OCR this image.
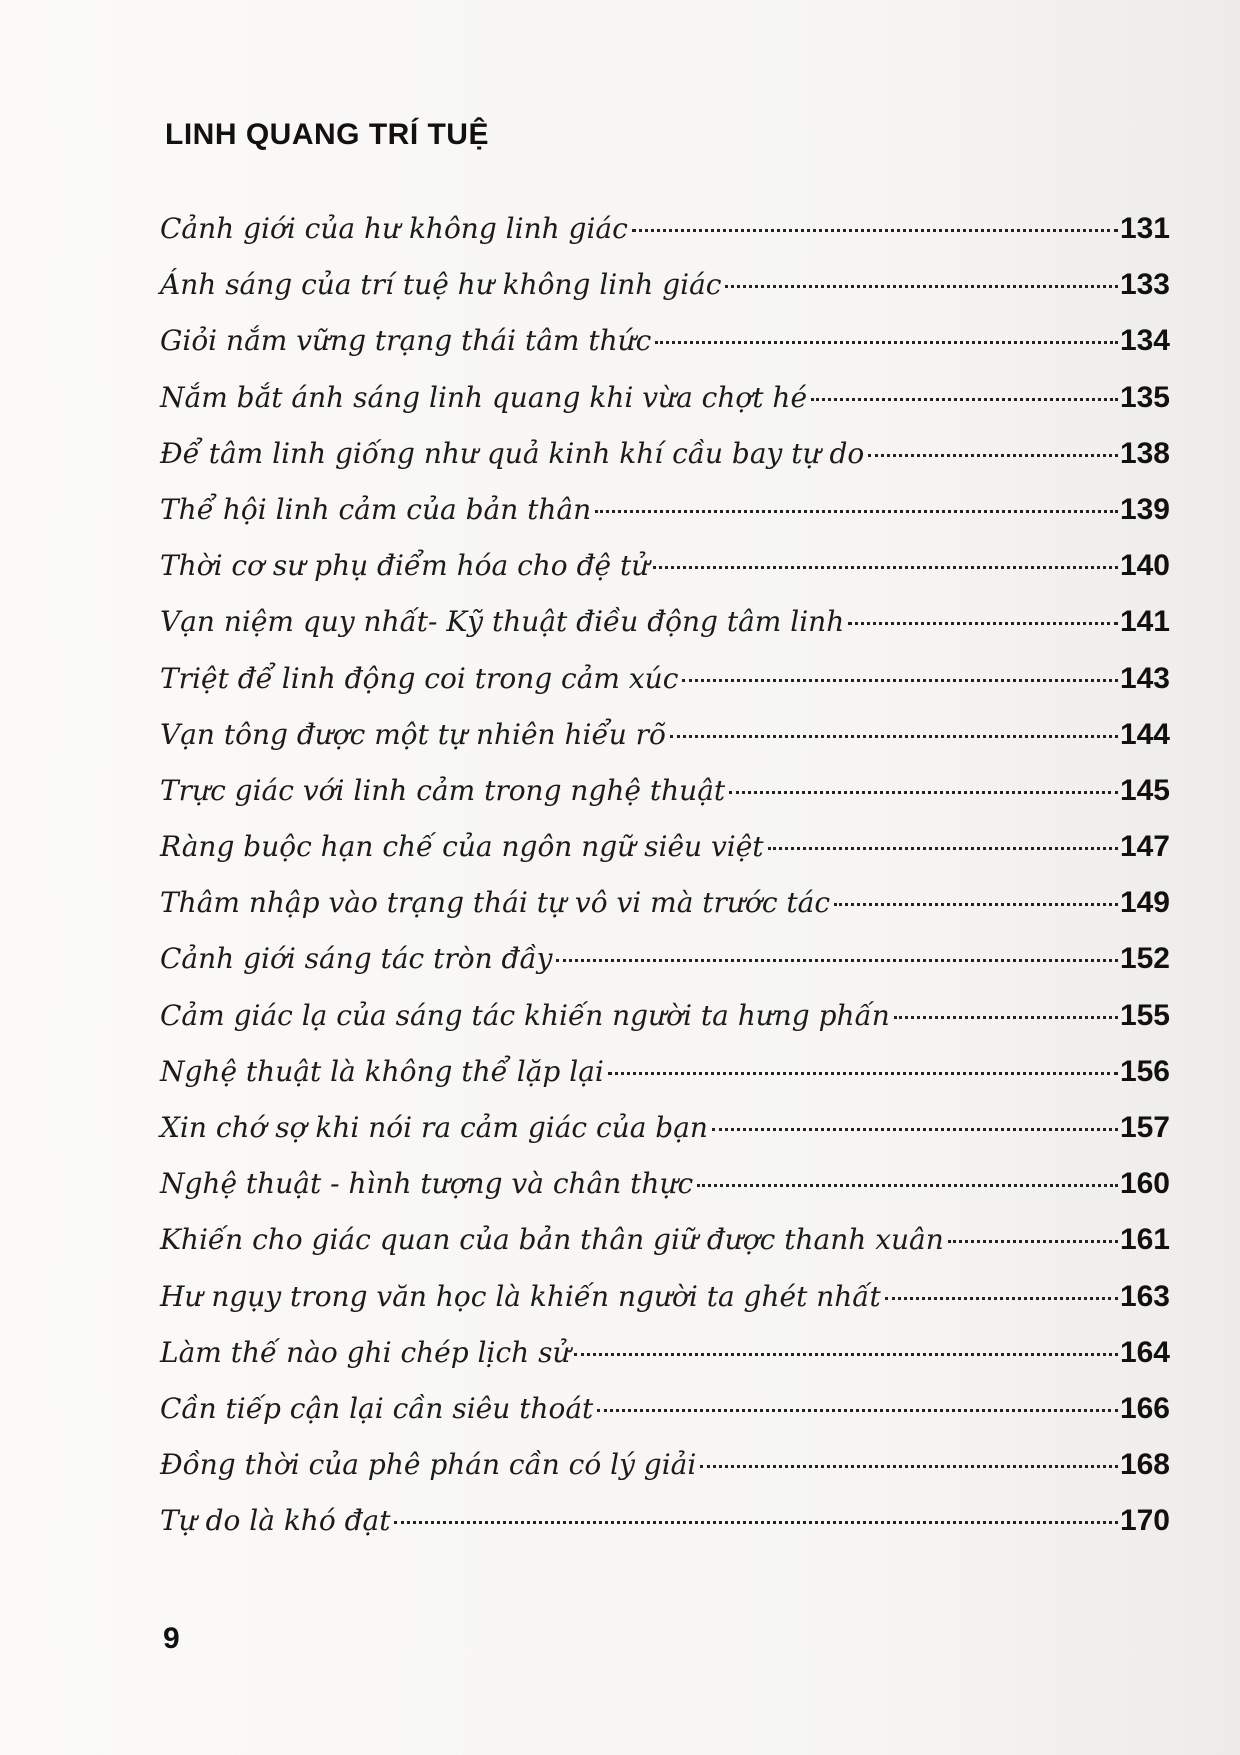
LINH QUANG TRÍ TUỆ
Cảnh giới của hư không linh giác	131
Ánh sáng của trí tuệ hư không linh giác	133
Giỏi nắm vững trạng thái tâm thức	134
Nắm bắt ánh sáng linh quang khi vừa chợt hé	135
Để tâm linh giống như quả kinh khí cầu bay tự do	138
Thể hội linh cảm của bản thân	139
Thời cơ sư phụ điểm hóa cho đệ tử	140
Vạn niệm quy nhất- Kỹ thuật điều động tâm linh	141
Triệt để linh động coi trong cảm xúc	143
Vạn tông được một tự nhiên hiểu rõ	144
Trực giác với linh cảm trong nghệ thuật	145
Ràng buộc hạn chế của ngôn ngữ siêu việt	147
Thâm nhập vào trạng thái tự vô vi mà trước tác	149
Cảnh giới sáng tác tròn đầy	152
Cảm giác lạ của sáng tác khiến người ta hưng phấn	155
Nghệ thuật là không thể lặp lại	156
Xin chớ sợ khi nói ra cảm giác của bạn	157
Nghệ thuật - hình tượng và chân thực	160
Khiến cho giác quan của bản thân giữ được thanh xuân	161
Hư ngụy trong văn học là khiến người ta ghét nhất	163
Làm thế nào ghi chép lịch sử	164
Cần tiếp cận lại cần siêu thoát	166
Đồng thời của phê phán cần có lý giải	168
Tự do là khó đạt	170
9
